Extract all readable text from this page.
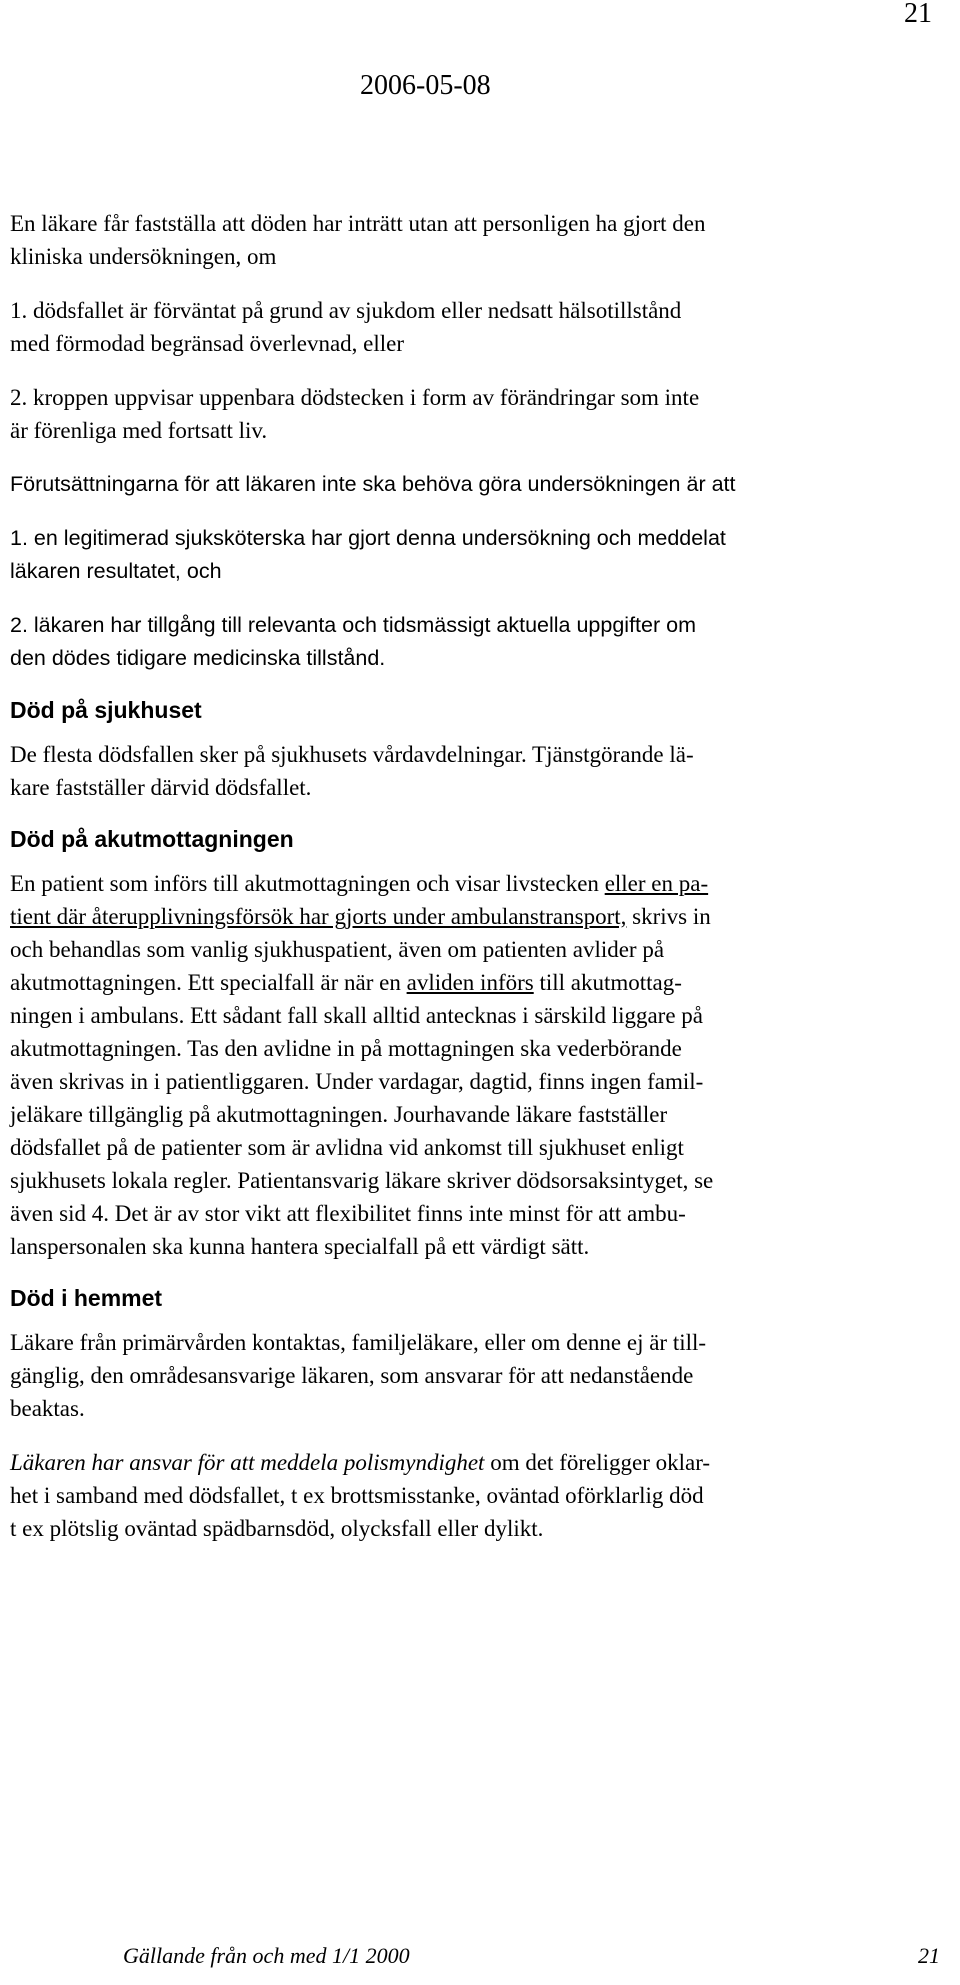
21
2006-05-08

En läkare får fastställa att döden har inträtt utan att personligen ha gjort den
kliniska undersökningen, om

1. dödsfallet är förväntat på grund av sjukdom eller nedsatt hälsotillstånd
med förmodad begränsad överlevnad, eller

2. kroppen uppvisar uppenbara dödstecken i form av förändringar som inte
är förenliga med fortsatt liv.

Förutsättningarna för att läkaren inte ska behöva göra undersökningen är att

1. en legitimerad sjuksköterska har gjort denna undersökning och meddelat
läkaren resultatet, och

2. läkaren har tillgång till relevanta och tidsmässigt aktuella uppgifter om
den dödes tidigare medicinska tillstånd.

Död på sjukhuset

De flesta dödsfallen sker på sjukhusets vårdavdelningar. Tjänstgörande lä-
kare fastställer därvid dödsfallet.

Död på akutmottagningen

En patient som införs till akutmottagningen och visar livstecken eller en pa-
tient där återupplivningsförsök har gjorts under ambulanstransport, skrivs in
och behandlas som vanlig sjukhuspatient, även om patienten avlider på
akutmottagningen. Ett specialfall är när en avliden införs till akutmottag-
ningen i ambulans. Ett sådant fall skall alltid antecknas i särskild liggare på
akutmottagningen. Tas den avlidne in på mottagningen ska vederbörande
även skrivas in i patientliggaren. Under vardagar, dagtid, finns ingen famil-
jeläkare tillgänglig på akutmottagningen. Jourhavande läkare fastställer
dödsfallet på de patienter som är avlidna vid ankomst till sjukhuset enligt
sjukhusets lokala regler. Patientansvarig läkare skriver dödsorsaksintyget, se
även sid 4. Det är av stor vikt att flexibilitet finns inte minst för att ambu-
lanspersonalen ska kunna hantera specialfall på ett värdigt sätt.

Död i hemmet

Läkare från primärvården kontaktas, familjeläkare, eller om denne ej är till-
gänglig, den områdesansvarige läkaren, som ansvarar för att nedanstående
beaktas.

Läkaren har ansvar för att meddela polismyndighet om det föreligger oklar-
het i samband med dödsfallet, t ex brottsmisstanke, oväntad oförklarlig död
t ex plötslig oväntad spädbarnsdöd, olycksfall eller dylikt.

Gällande från och med 1/1 2000	21
